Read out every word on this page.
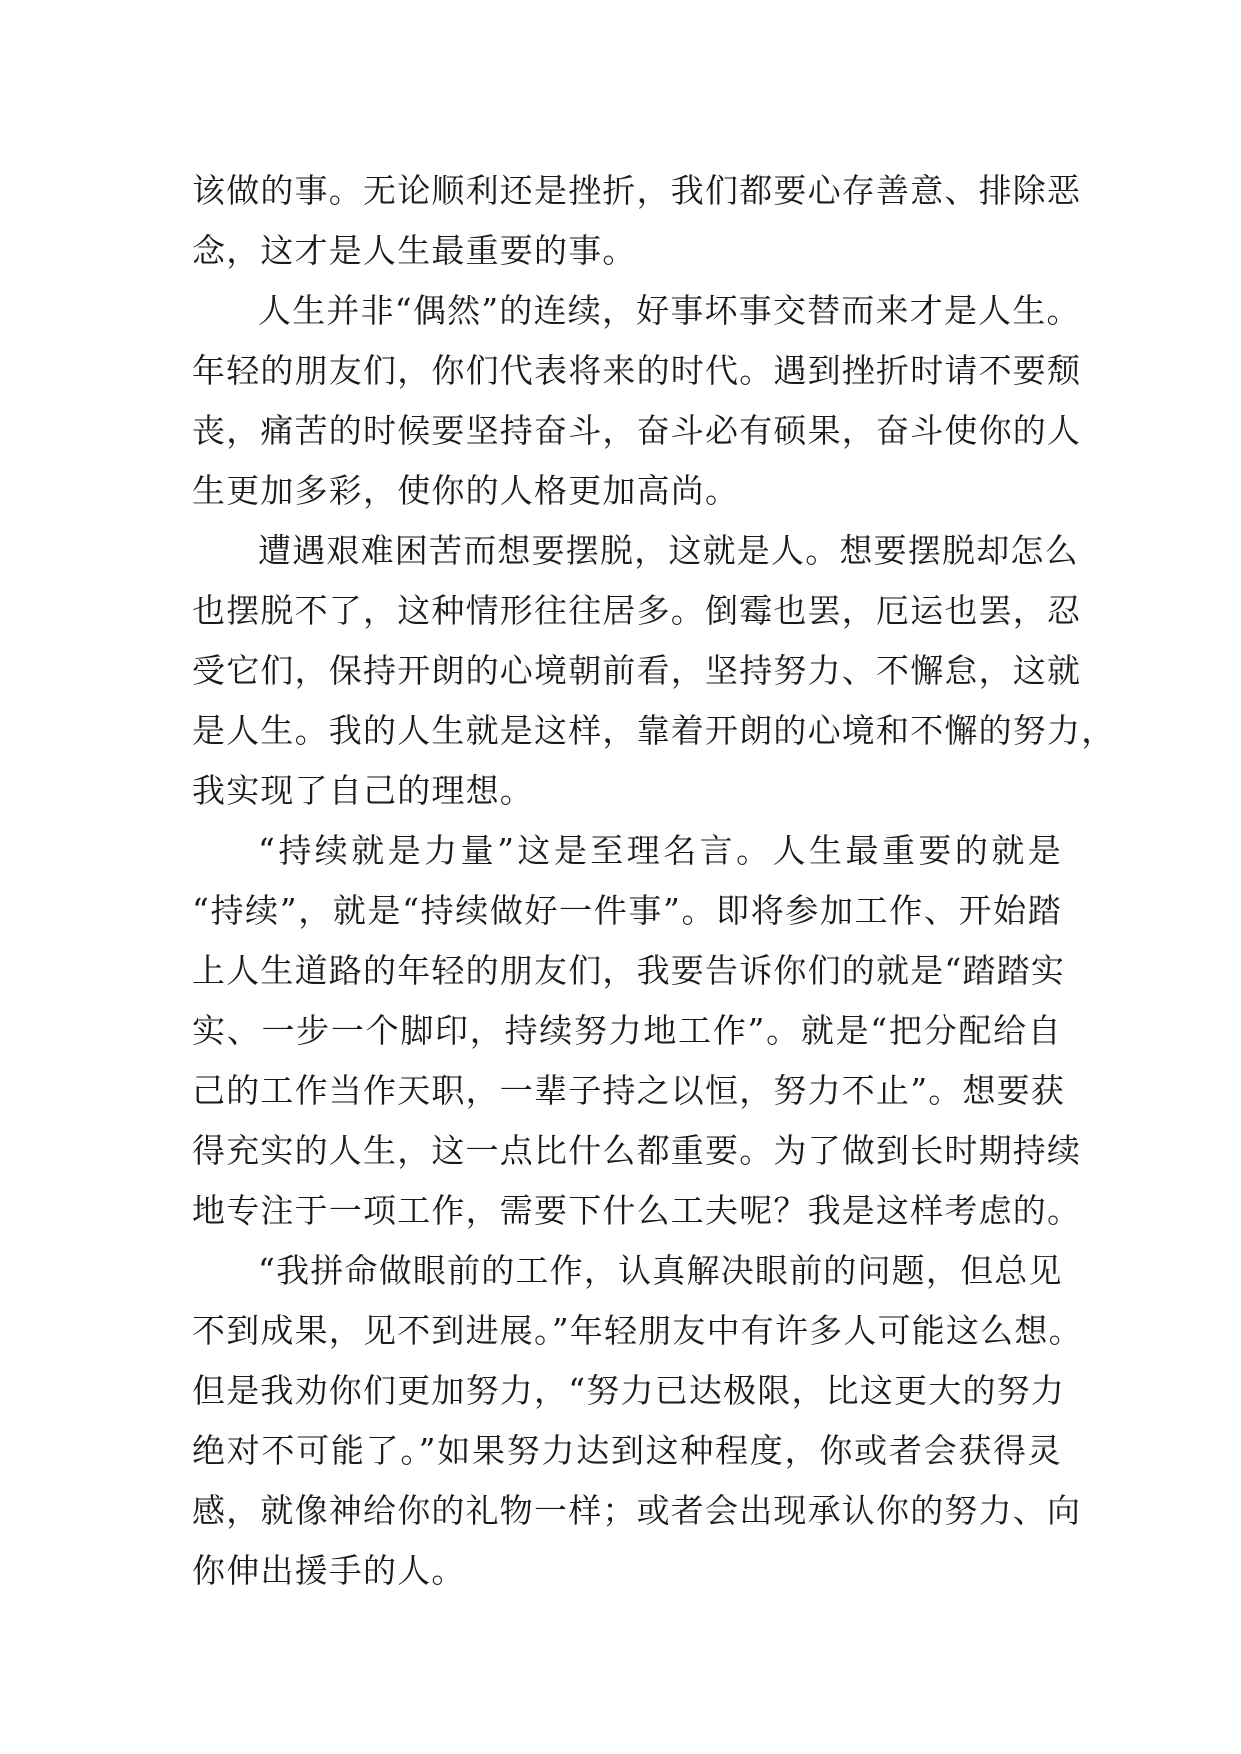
该做的事。无论顺利还是挫折，我们都要心存善意、排除恶
念，这才是人生最重要的事。
人生并非“偶然”的连续，好事坏事交替而来才是人生。
年轻的朋友们，你们代表将来的时代。遇到挫折时请不要颓
丧，痛苦的时候要坚持奋斗，奋斗必有硕果，奋斗使你的人
生更加多彩，使你的人格更加高尚。
遭遇艰难困苦而想要摆脱，这就是人。想要摆脱却怎么
也摆脱不了，这种情形往往居多。倒霉也罢，厄运也罢，忍
受它们，保持开朗的心境朝前看，坚持努力、不懈怠，这就
是人生。我的人生就是这样，靠着开朗的心境和不懈的努力，
我实现了自己的理想。
“持续就是力量”这是至理名言。人生最重要的就是
“持续”，就是“持续做好一件事”。即将参加工作、开始踏
上人生道路的年轻的朋友们，我要告诉你们的就是“踏踏实
实、一步一个脚印，持续努力地工作”。就是“把分配给自
己的工作当作天职，一辈子持之以恒，努力不止”。想要获
得充实的人生，这一点比什么都重要。为了做到长时期持续
地专注于一项工作，需要下什么工夫呢？我是这样考虑的。
“我拼命做眼前的工作，认真解决眼前的问题，但总见
不到成果，见不到进展。”年轻朋友中有许多人可能这么想。
但是我劝你们更加努力，“努力已达极限，比这更大的努力
绝对不可能了。”如果努力达到这种程度，你或者会获得灵
感，就像神给你的礼物一样；或者会出现承认你的努力、向
你伸出援手的人。
